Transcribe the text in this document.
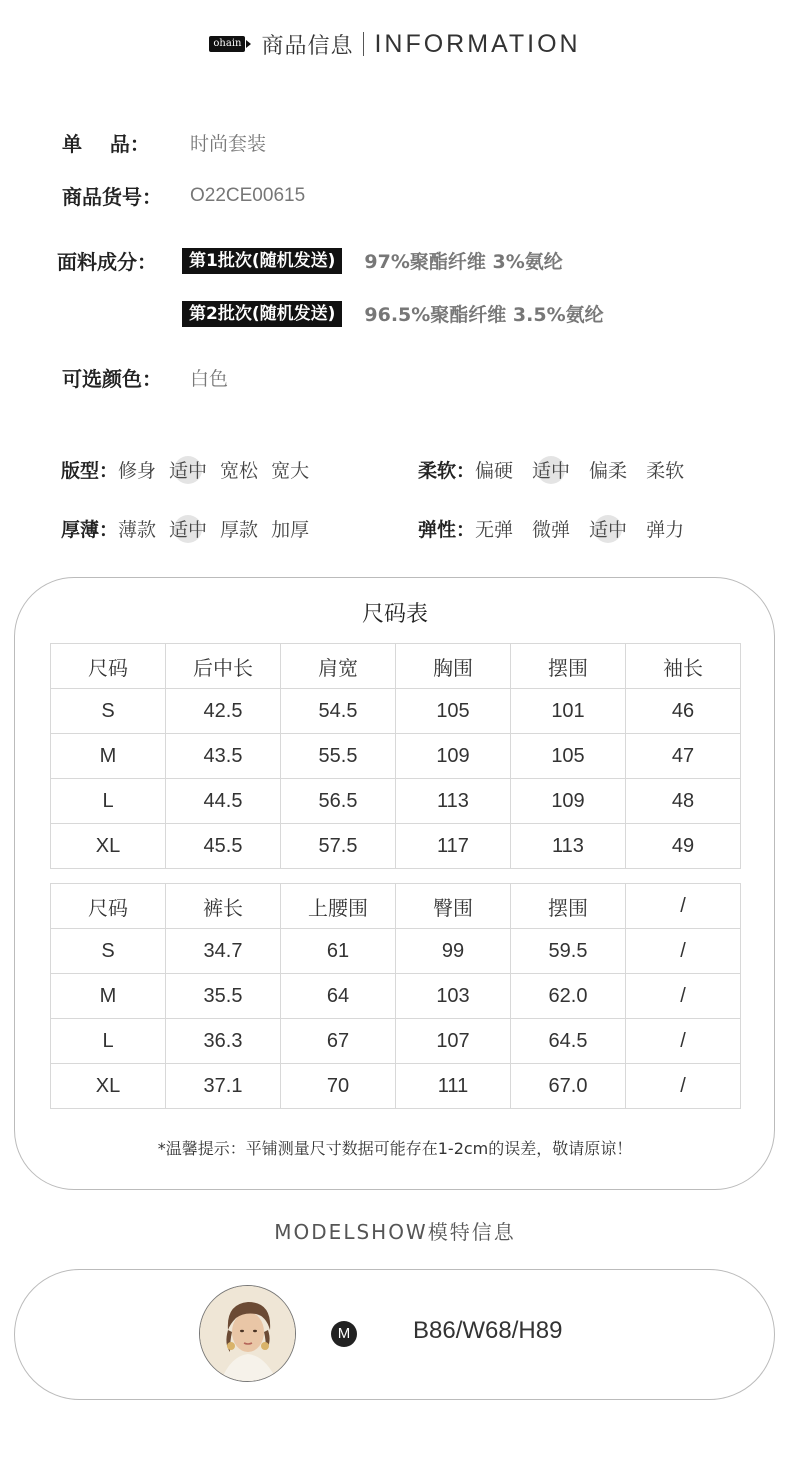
ohain 商品信息 INFORMATION
单    品：	时尚套装
商品货号：	O22CE00615
面料成分：	第1批次(随机发送)	97%聚酯纤维 3%氨纶
第2批次(随机发送)	96.5%聚酯纤维 3.5%氨纶
可选颜色：	白色
版型： 修身 适中 宽松 宽大	柔软： 偏硬 适中 偏柔 柔软
厚薄： 薄款 适中 厚款 加厚	弹性： 无弹 微弹 适中 弹力
尺码表
尺码	后中长	肩宽	胸围	摆围	袖长
S	42.5	54.5	105	101	46
M	43.5	55.5	109	105	47
L	44.5	56.5	113	109	48
XL	45.5	57.5	117	113	49
尺码	裤长	上腰围	臀围	摆围	/
S	34.7	61	99	59.5	/
M	35.5	64	103	62.0	/
L	36.3	67	107	64.5	/
XL	37.1	70	111	67.0	/
*温馨提示：平铺测量尺寸数据可能存在1-2cm的误差，敬请原谅！
MODELSHOW模特信息
M	B86/W68/H89
